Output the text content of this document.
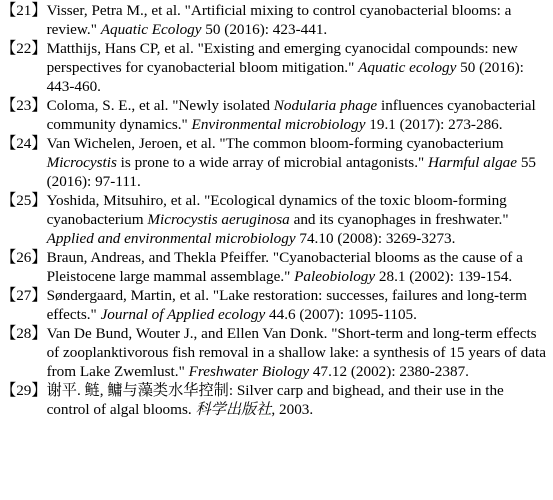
【21】 Visser, Petra M., et al. "Artificial mixing to control cyanobacterial blooms: a review." Aquatic Ecology 50 (2016): 423-441.
【22】 Matthijs, Hans CP, et al. "Existing and emerging cyanocidal compounds: new perspectives for cyanobacterial bloom mitigation." Aquatic ecology 50 (2016): 443-460.
【23】 Coloma, S. E., et al. "Newly isolated Nodularia phage influences cyanobacterial community dynamics." Environmental microbiology 19.1 (2017): 273-286.
【24】 Van Wichelen, Jeroen, et al. "The common bloom-forming cyanobacterium Microcystis is prone to a wide array of microbial antagonists." Harmful algae 55 (2016): 97-111.
【25】 Yoshida, Mitsuhiro, et al. "Ecological dynamics of the toxic bloom-forming cyanobacterium Microcystis aeruginosa and its cyanophages in freshwater." Applied and environmental microbiology 74.10 (2008): 3269-3273.
【26】 Braun, Andreas, and Thekla Pfeiffer. "Cyanobacterial blooms as the cause of a Pleistocene large mammal assemblage." Paleobiology 28.1 (2002): 139-154.
【27】 Søndergaard, Martin, et al. "Lake restoration: successes, failures and long-term effects." Journal of Applied ecology 44.6 (2007): 1095-1105.
【28】 Van De Bund, Wouter J., and Ellen Van Donk. "Short-term and long-term effects of zooplanktivorous fish removal in a shallow lake: a synthesis of 15 years of data from Lake Zwemlust." Freshwater Biology 47.12 (2002): 2380-2387.
【29】 谢平. 鲢, 鳙与藻类水华控制: Silver carp and bighead, and their use in the control of algal blooms. 科学出版社, 2003.
